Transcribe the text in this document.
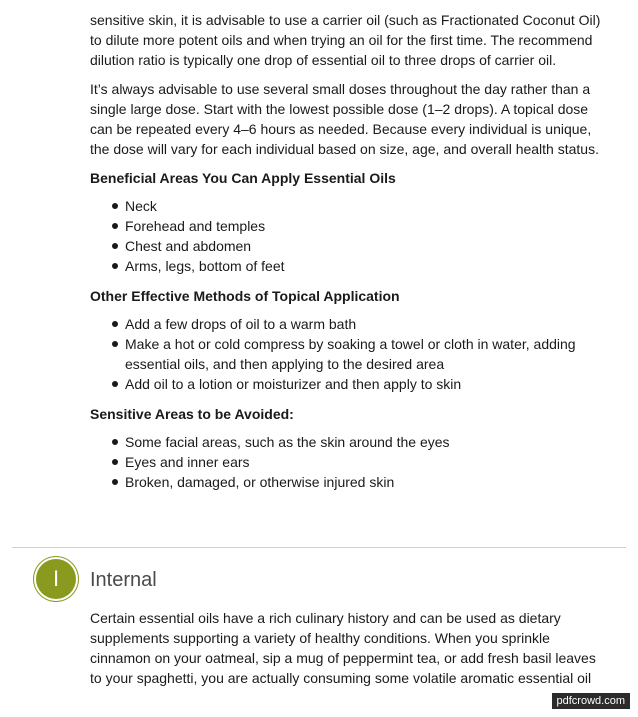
sensitive skin, it is advisable to use a carrier oil (such as Fractionated Coconut Oil) to dilute more potent oils and when trying an oil for the first time. The recommend dilution ratio is typically one drop of essential oil to three drops of carrier oil.

It’s always advisable to use several small doses throughout the day rather than a single large dose. Start with the lowest possible dose (1–2 drops). A topical dose can be repeated every 4–6 hours as needed. Because every individual is unique, the dose will vary for each individual based on size, age, and overall health status.

Beneficial Areas You Can Apply Essential Oils
Neck
Forehead and temples
Chest and abdomen
Arms, legs, bottom of feet
Other Effective Methods of Topical Application
Add a few drops of oil to a warm bath
Make a hot or cold compress by soaking a towel or cloth in water, adding essential oils, and then applying to the desired area
Add oil to a lotion or moisturizer and then apply to skin
Sensitive Areas to be Avoided:
Some facial areas, such as the skin around the eyes
Eyes and inner ears
Broken, damaged, or otherwise injured skin
I Internal

Certain essential oils have a rich culinary history and can be used as dietary supplements supporting a variety of healthy conditions. When you sprinkle cinnamon on your oatmeal, sip a mug of peppermint tea, or add fresh basil leaves to your spaghetti, you are actually consuming some volatile aromatic essential oil

pdfcrowd.com
